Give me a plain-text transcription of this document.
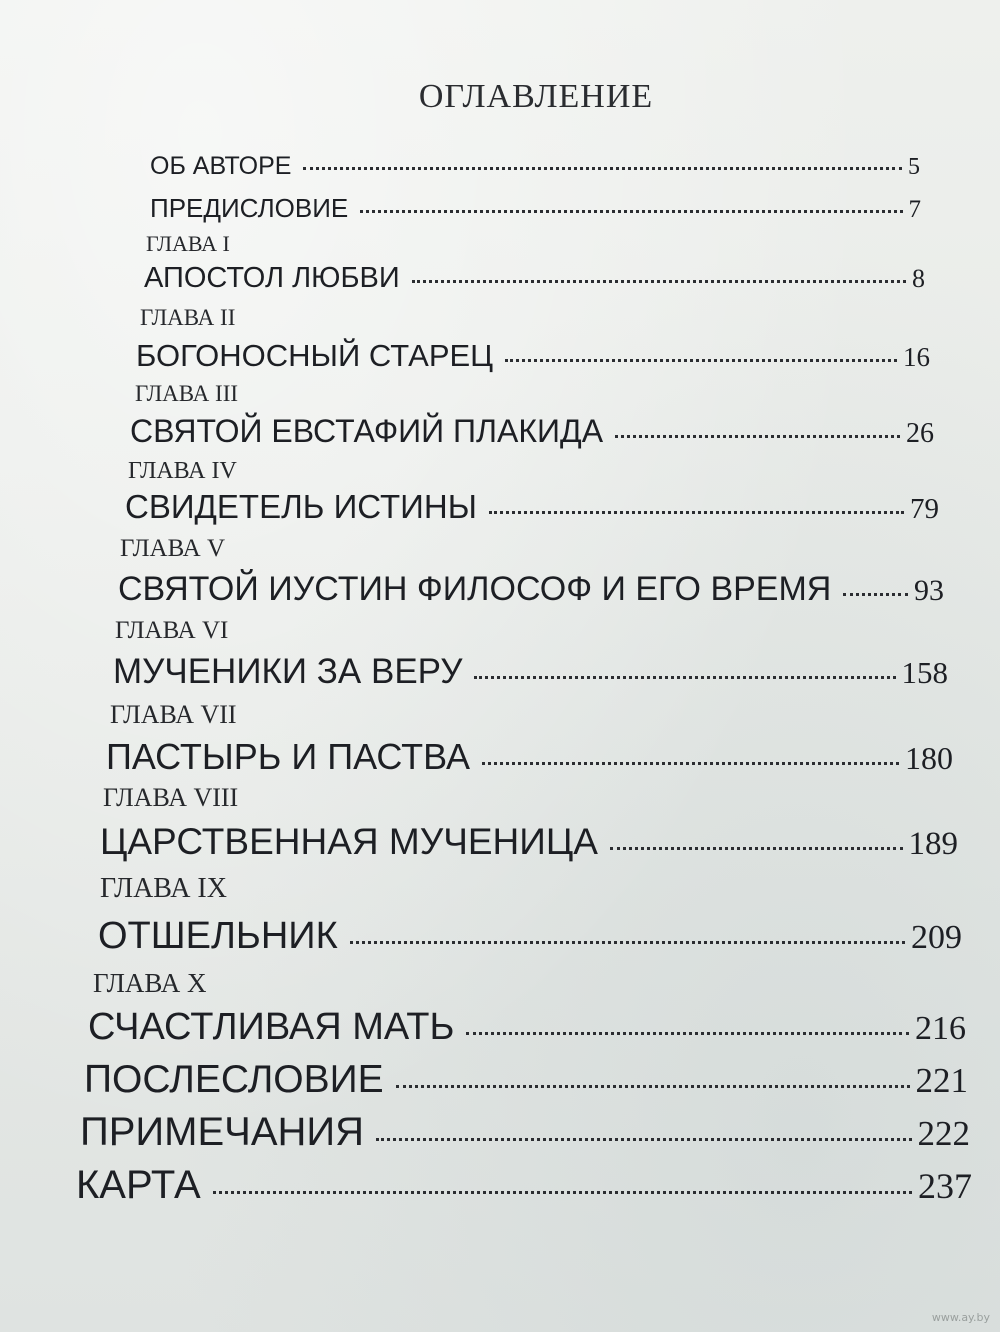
ОГЛАВЛЕНИЕ
ОБ АВТОРЕ	5
ПРЕДИСЛОВИЕ	7
ГЛАВА I
АПОСТОЛ ЛЮБВИ	8
ГЛАВА II
БОГОНОСНЫЙ СТАРЕЦ	16
ГЛАВА III
СВЯТОЙ ЕВСТАФИЙ ПЛАКИДА	26
ГЛАВА IV
СВИДЕТЕЛЬ ИСТИНЫ	79
ГЛАВА V
СВЯТОЙ ИУСТИН ФИЛОСОФ И ЕГО ВРЕМЯ	93
ГЛАВА VI
МУЧЕНИКИ ЗА ВЕРУ	158
ГЛАВА VII
ПАСТЫРЬ И ПАСТВА	180
ГЛАВА VIII
ЦАРСТВЕННАЯ МУЧЕНИЦА	189
ГЛАВА IX
ОТШЕЛЬНИК	209
ГЛАВА X
СЧАСТЛИВАЯ МАТЬ	216
ПОСЛЕСЛОВИЕ	221
ПРИМЕЧАНИЯ	222
КАРТА	237
www.ay.by
